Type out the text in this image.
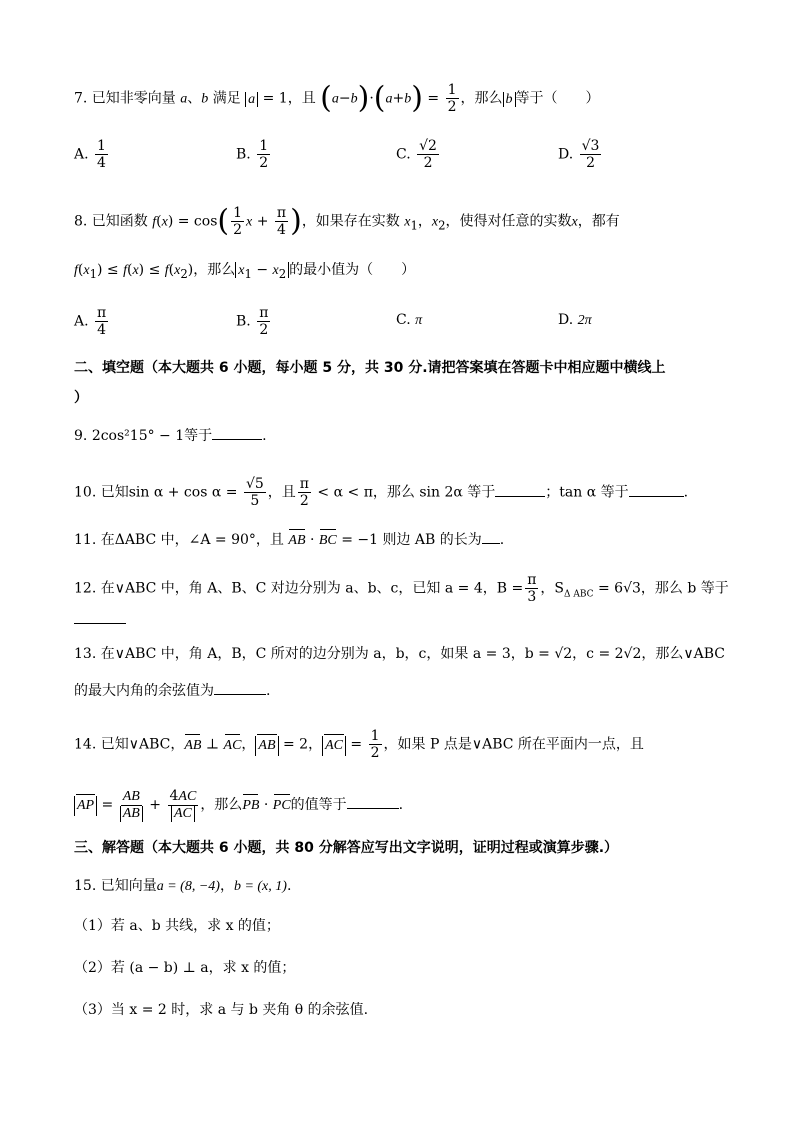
7. 已知非零向量 a、b 满足 a = 1，且 $(a-b)\cdot(a+b) = \frac{1}{2}$ ，那么 b 等于（　　）
A. $\frac{1}{4}$	B. $\frac{1}{2}$	C. $\frac{√2}{2}$	D. $\frac{√3}{2}$
8. 已知函数 $f(x) = \cos( \frac{1}{2}$ $x + \frac{\pi}{4}$ )，如果存在实数 $x_1$，$x_2$，使得对任意的实数x，都有
$f(x_1) \le f(x) \le f(x_2)$，那么 $x_1 - x_2$ 的最小值为（　　）
A. $\frac{\pi}{4}$	B. $\frac{\pi}{2}$	C. π	D. 2π
二、填空题（本大题共 6 小题，每小题 5 分，共 30 分.请把答案填在答题卡中相应题中横线上
）
9. 2cos²15° − 1等于	.
10. 已知$\sin \alpha + \cos \alpha = \frac{√5}{5}$ ，且 $\frac{\pi}{2} < \alpha < \pi$，那么 sin 2α 等于	；tan α 等于	.
11. 在ΔABC 中，∠A = 90°，且 AB · BC = −1 则边 AB 的长为 .
12. 在∨ABC 中，角 A、B、C 对边分别为 a、b、c，已知 a = 4，$B = \frac{\pi}{3}$ ，$S_{\Delta ABC} = 6√3$，那么 b 等于
13. 在∨ABC 中，角 A，B，C 所对的边分别为 a，b，c，如果 a = 3，b = √2，c = 2√2，那么∨ABC
的最大内角的余弦值为	.
14. 已知∨ABC，AB ⊥ AC， AB = 2， AC = $\frac{1}{2}$ ，如果 P 点是∨ABC 所在平面内一点，且
AP = $\frac{AB}{AB} + \frac{4AC}{AC}$ ，那么PB · PC的值等于	.
三、解答题（本大题共 6 小题，共 80 分解答应写出文字说明，证明过程或演算步骤.）
15. 已知向量a = (8, −4)，b = (x, 1).
（1）若 a、b 共线，求 x 的值；
（2）若 (a − b) ⊥ a，求 x 的值；
（3）当 x = 2 时，求 a 与 b 夹角 θ 的余弦值.
